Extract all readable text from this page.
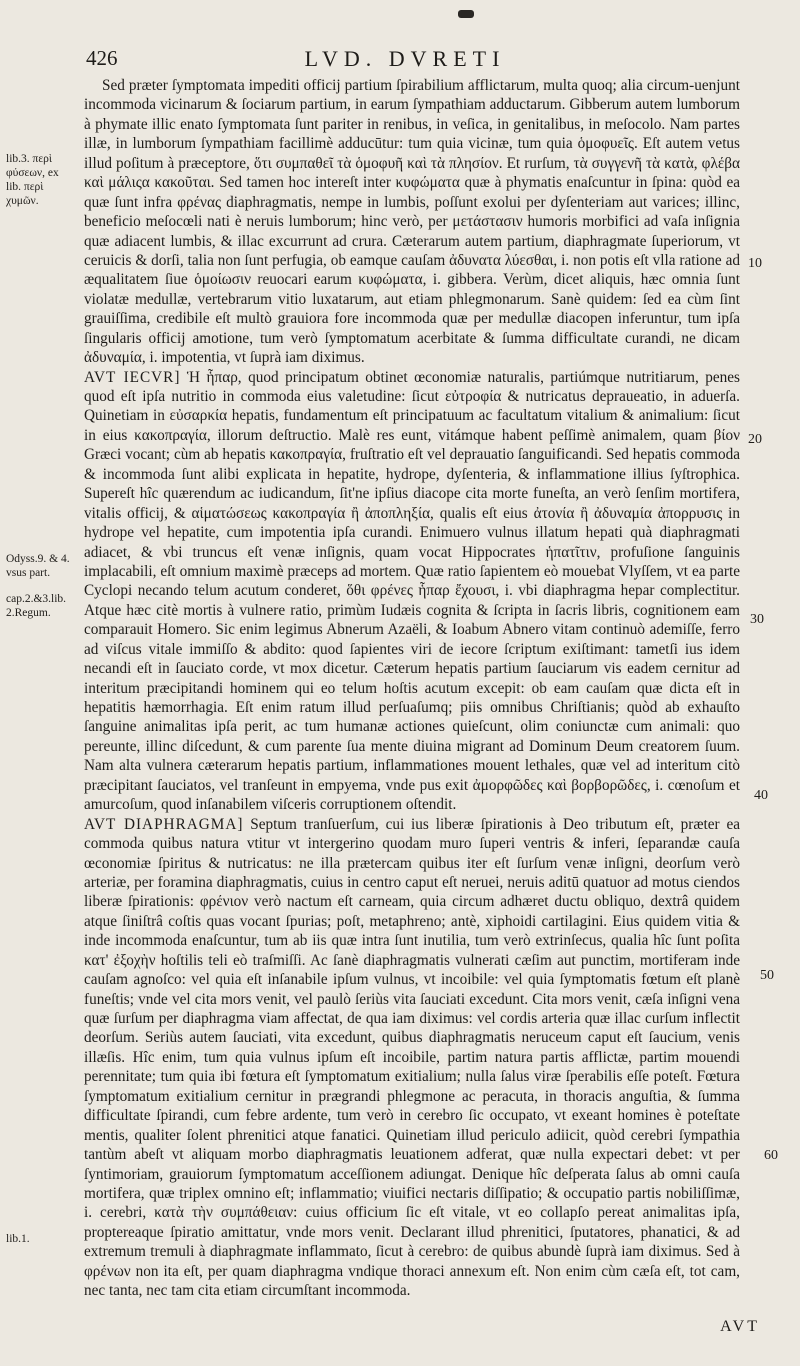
426	LVD. DVRETI
lib.3. περὶ φύσεων, ex lib. περὶ χυμῶν.
Odyss.9. & 4. vsus part.
cap.2.&3.lib. 2.Regum.
lib.1.
10
20
30
40
50
60

Sed præter ſymptomata impediti officij partium ſpirabilium afflictarum, multa quoq; alia circum-uenjunt incommoda vicinarum & ſociarum partium, in earum ſympathiam adductarum. Gibberum autem lumborum à phymate illic enato ſymptomata ſunt pariter in renibus, in veſica, in genitalibus, in meſocolo. Nam partes illæ, in lumborum ſympathiam facillimè adducūtur: tum quia vicinæ, tum quia ὁμοφυεῖς. Eſt autem vetus illud poſitum à præceptore, ὅτι συμπαθεῖ τὰ ὁμοφυῆ καὶ τὰ πλησίον. Et rurſum, τὰ συγγενῆ τὰ κατὰ, φλέβα καὶ μάλιςα κακοῦται. Sed tamen hoc intereſt inter κυφώματα quæ à phymatis enaſcuntur in ſpina: quòd ea quæ ſunt infra φρένας diaphragmatis, nempe in lumbis, poſſunt exolui per dyſenteriam aut varices; illinc, beneficio meſocœli nati è neruis lumborum; hinc verò, per μετάστασιν humoris morbifici ad vaſa inſignia quæ adiacent lumbis, & illac excurrunt ad crura. Cæterarum autem partium, diaphragmate ſuperiorum, vt ceruicis & dorſi, talia non ſunt perfugia, ob eamque cauſam ἀδυνατα λύεσθαι, i. non potis eſt vlla ratione ad æqualitatem ſiue ὁμοίωσιν reuocari earum κυφώματα, i. gibbera. Verùm, dicet aliquis, hæc omnia ſunt violatæ medullæ, vertebrarum vitio luxatarum, aut etiam phlegmonarum. Sanè quidem: ſed ea cùm ſint grauiſſima, credibile eſt multò grauiora fore incommoda quæ per medullæ diacopen inferuntur, tum ipſa ſingularis officij amotione, tum verò ſymptomatum acerbitate & ſumma difficultate curandi, ne dicam ἀδυναμία, i. impotentia, vt ſuprà iam diximus.

AVT IECVR] Ἡ ἧπαρ, quod principatum obtinet œconomiæ naturalis, partiúmque nutritiarum, penes quod eſt ipſa nutritio in commoda eius valetudine: ſicut εὐτροφία & nutricatus depraueatio, in aduerſa. Quinetiam in εὐσαρκία hepatis, fundamentum eſt principatuum ac facultatum vitalium & animalium: ſicut in eius κακοπραγία, illorum deſtructio. Malè res eunt, vitámque habent peſſimè animalem, quam βίον Græci vocant; cùm ab hepatis κακοπραγία, fruſtratio eſt vel deprauatio ſanguificandi. Sed hepatis commoda & incommoda ſunt alibi explicata in hepatite, hydrope, dyſenteria, & inflammatione illius ſyſtrophica. Supereſt hîc quærendum ac iudicandum, ſit'ne ipſius diacope cita morte funeſta, an verò ſenſim mortifera, vitalis officij, & αἱματώσεως κακοπραγία ἢ ἀποπληξία, qualis eſt eius ἀτονία ἢ ἀδυναμία ἀπορρυσις in hydrope vel hepatite, cum impotentia ipſa curandi. Enimuero vulnus illatum hepati quà diaphragmati adiacet, & vbi truncus eſt venæ inſignis, quam vocat Hippocrates ἡπατῖτιν, profuſione ſanguinis implacabili, eſt omnium maximè præceps ad mortem. Quæ ratio ſapientem eò mouebat Vlyſſem, vt ea parte Cyclopi necando telum acutum conderet, ὅθι φρένες ἧπαρ ἔχουσι, i. vbi diaphragma hepar complectitur. Atque hæc citè mortis à vulnere ratio, primùm Iudæis cognita & ſcripta in ſacris libris, cognitionem eam comparauit Homero. Sic enim legimus Abnerum Azaëli, & Ioabum Abnero vitam continuò ademiſſe, ferro ad viſcus vitale immiſſo & abdito: quod ſapientes viri de iecore ſcriptum exiſtimant: tametſi ius idem necandi eſt in ſauciato corde, vt mox dicetur. Cæterum hepatis partium ſauciarum vis eadem cernitur ad interitum præcipitandi hominem qui eo telum hoſtis acutum excepit: ob eam cauſam quæ dicta eſt in hepatitis hæmorrhagia. Eſt enim ratum illud perſuaſumq; piis omnibus Chriſtianis; quòd ab exhauſto ſanguine animalitas ipſa perit, ac tum humanæ actiones quieſcunt, olim coniunctæ cum animali: quo pereunte, illinc diſcedunt, & cum parente ſua mente diuina migrant ad Dominum Deum creatorem ſuum. Nam alta vulnera cæterarum hepatis partium, inflammationes mouent lethales, quæ vel ad interitum citò præcipitant ſauciatos, vel tranſeunt in empyema, vnde pus exit ἀμορφῶδες καὶ βορβορῶδες, i. cœnoſum et amurcoſum, quod inſanabilem viſceris corruptionem oſtendit.

AVT DIAPHRAGMA] Septum tranſuerſum, cui ius liberæ ſpirationis à Deo tributum eſt, præter ea commoda quibus natura vtitur vt intergerino quodam muro ſuperi ventris & inferi, ſeparandæ cauſa œconomiæ ſpiritus & nutricatus: ne illa prætercam quibus iter eſt ſurſum venæ inſigni, deorſum verò arteriæ, per foramina diaphragmatis, cuius in centro caput eſt neruei, neruis aditū quatuor ad motus ciendos liberæ ſpirationis: φρένιον verò nactum eſt carneam, quia circum adhæret ductu obliquo, dextrâ quidem atque ſiniſtrâ coſtis quas vocant ſpurias; poſt, metaphreno; antè, xiphoidi cartilagini. Eius quidem vitia & inde incommoda enaſcuntur, tum ab iis quæ intra ſunt inutilia, tum verò extrinſecus, qualia hîc ſunt poſita κατ' ἐξοχὴν hoſtilis teli eò traſmiſſi. Ac ſanè diaphragmatis vulnerati cæſim aut punctim, mortiferam inde cauſam agnoſco: vel quia eſt inſanabile ipſum vulnus, vt incoibile: vel quia ſymptomatis fœtum eſt planè funeſtis; vnde vel cita mors venit, vel paulò ſeriùs vita ſauciati excedunt. Cita mors venit, cæſa inſigni vena quæ ſurſum per diaphragma viam affectat, de qua iam diximus: vel cordis arteria quæ illac curſum inflectit deorſum. Seriùs autem ſauciati, vita excedunt, quibus diaphragmatis neruceum caput eſt ſaucium, venis illæſis. Hîc enim, tum quia vulnus ipſum eſt incoibile, partim natura partis afflictæ, partim mouendi perennitate; tum quia ibi fœtura eſt ſymptomatum exitialium; nulla ſalus viræ ſperabilis eſſe poteſt. Fœtura ſymptomatum exitialium cernitur in prægrandi phlegmone ac peracuta, in thoracis anguſtia, & ſumma difficultate ſpirandi, cum febre ardente, tum verò in cerebro ſic occupato, vt exeant homines è poteſtate mentis, qualiter ſolent phrenitici atque fanatici. Quinetiam illud periculo adiicit, quòd cerebri ſympathia tantùm abeſt vt aliquam morbo diaphragmatis leuationem adferat, quæ nulla expectari debet: vt per ſyntimoriam, grauiorum ſymptomatum acceſſionem adiungat. Denique hîc deſperata ſalus ab omni cauſa mortifera, quæ triplex omnino eſt; inflammatio; viuifici nectaris diſſipatio; & occupatio partis nobiliſſimæ, i. cerebri, κατὰ τὴν συμπάθειαν: cuius officium ſic eſt vitale, vt eo collapſo pereat animalitas ipſa, proptereaque ſpiratio amittatur, vnde mors venit. Declarant illud phrenitici, ſputatores, phanatici, & ad extremum tremuli à diaphragmate inflammato, ſicut à cerebro: de quibus abundè ſuprà iam diximus. Sed à φρένων non ita eſt, per quam diaphragma vndique thoraci annexum eſt. Non enim cùm cæſa eſt, tot cam, nec tanta, nec tam cita etiam circumſtant incommoda.

AVT
